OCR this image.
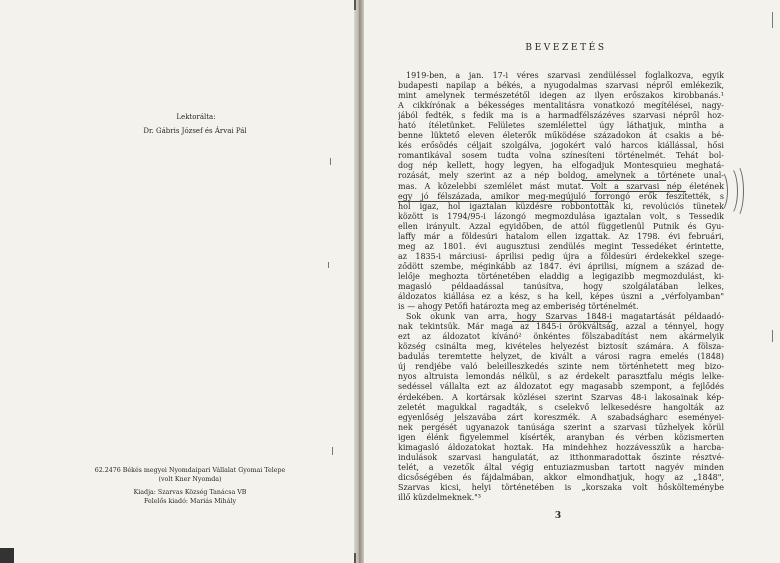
Lektorálta:
Dr. Gábris József és Árvai Pál
62.2476 Békés megyei Nyomdaipari Vállalat Gyomai Telepe
(volt Kner Nyomda)
Kiadja: Szarvas Község Tanácsa VB
Felelős kiadó: Mariás Mihály
BEVEZETÉS
1919-ben, a jan. 17-i véres szarvasi zendüléssel foglalkozva, egyik
budapesti napilap a békés, a nyugodalmas szarvasi népről emlékezik,
mint amelynek természetétől idegen az ilyen erőszakos kirobbanás.¹
A cikkírónak a békességes mentalitásra vonatkozó megítélései, nagy-
jából fedték, s fedik ma is a harmadfélszázéves szarvasi népről hoz-
ható ítéletünket. Felületes szemlélettel úgy láthatjuk, mintha a
benne lüktető eleven életerők működése századokon át csakis a bé-
kés erősödés céljait szolgálva, jogokért való harcos kiállással, hősi
romantikával sosem tudta volna színesíteni történelmét. Tehát bol-
dog nép kellett, hogy legyen, ha elfogadjuk Montesquieu meghatá-
rozását, mely szerint az a nép boldog, amelynek a története unal-
mas. A közelebbi szemlélet mást mutat. Volt a szarvasi nép életének
egy jó félszázada, amikor meg-megújuló forrongó erők feszítették, s
hol igaz, hol igaztalan küzdésre robbontották ki, revolúciós tünetek
között is 1794/95-i lázongó megmozdulása igaztalan volt, s Tessedik
ellen irányult. Azzal egyidőben, de attól függetlenül Putnik és Gyu-
laffy már a földesúri hatalom ellen izgattak. Az 1798. évi februári,
meg az 1801. évi augusztusi zendülés megint Tessedéket érintette,
az 1835-i márciusi- áprilisi pedig újra a földesúri érdekekkel szege-
ződött szembe, méginkább az 1847. évi áprilisi, mígnem a század de-
lelője meghozta történetében eladdig a legigazibb megmozdulást, ki-
magasló példaadással tanúsítva, hogy szolgálatában lelkes,
áldozatos kiállása ez a kész, s ha kell, képes úszni a „vérfolyamban"
is — ahogy Petőfi határozta meg az emberiség történelmét.
Sok okunk van arra, hogy Szarvas 1848-i magatartását példaadó-
nak tekintsük. Már maga az 1845-i örökváltság, azzal a ténnyel, hogy
ezt az áldozatot kívánó² önkéntes fölszabadítást nem akármelyik
község csinálta meg, kivételes helyezést biztosít számára. A fölsza-
badulás teremtette helyzet, de kivált a városi ragra emelés (1848)
új rendjébe való beleilleszkedés szinte nem történhetett meg bizo-
nyos altruista lemondás nélkül, s az érdekelt parasztfalu mégis lelke-
sedéssel vállalta ezt az áldozatot egy magasabb szempont, a fejlődés
érdekében. A kortársak közlései szerint Szarvas 48-i lakosainak kép-
zeletét magukkal ragadták, s cselekvő lelkesedésre hangolták az
egyenlőség jelszavába zárt koreszmék. A szabadságharc eseményei-
nek pergését ugyanazok tanúsága szerint a szarvasi tűzhelyek körül
igen élénk figyelemmel kísérték, aranyban és vérben közismerten
kimagasló áldozatokat hoztak. Ha mindehhez hozzávesszük a harcba-
indulások szarvasi hangulatát, az itthonmaradottak őszinte résztvé-
telét, a vezetők által végig entuziazmusban tartott nagyév minden
dicsőségében és fájdalmában, akkor elmondhatjuk, hogy az „1848",
Szarvas kicsi, helyi történetében is „korszaka volt hőskölteménybe
illő küzdelmeknek."³
3
